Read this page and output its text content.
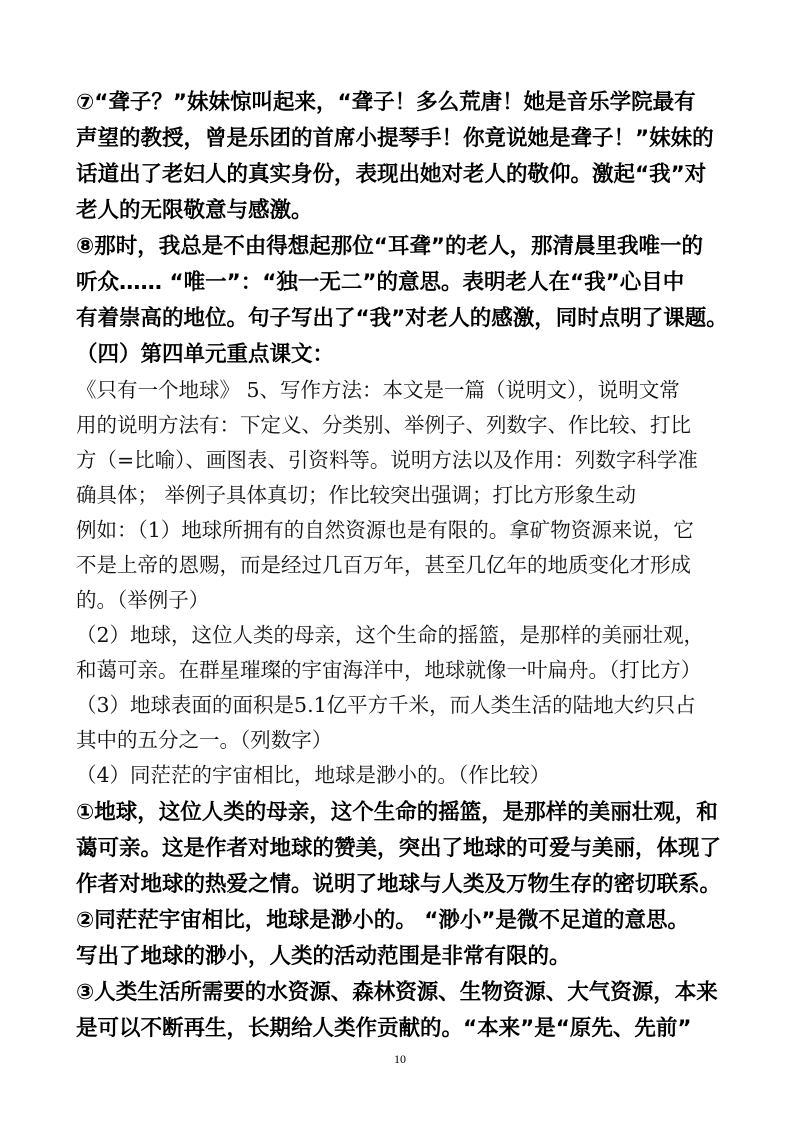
⑦“聋子？”妹妹惊叫起来，“聋子！多么荒唐！她是音乐学院最有
声望的教授，曾是乐团的首席小提琴手！你竟说她是聋子！”妹妹的
话道出了老妇人的真实身份，表现出她对老人的敬仰。激起“我”对
老人的无限敬意与感激。
⑧那时，我总是不由得想起那位“耳聋”的老人，那清晨里我唯一的
听众…… “唯一”：“独一无二”的意思。表明老人在“我”心目中
有着崇高的地位。句子写出了“我”对老人的感激，同时点明了课题。
（四）第四单元重点课文：
《只有一个地球》 5、写作方法：本文是一篇（说明文），说明文常
用的说明方法有：下定义、分类别、举例子、列数字、作比较、打比
方（=比喻）、画图表、引资料等。说明方法以及作用：列数字科学准
确具体； 举例子具体真切；作比较突出强调；打比方形象生动
例如：（1）地球所拥有的自然资源也是有限的。拿矿物资源来说，它
不是上帝的恩赐，而是经过几百万年，甚至几亿年的地质变化才形成
的。（举例子）
（2）地球，这位人类的母亲，这个生命的摇篮，是那样的美丽壮观，
和蔼可亲。在群星璀璨的宇宙海洋中，地球就像一叶扁舟。（打比方）
（3）地球表面的面积是5.1亿平方千米，而人类生活的陆地大约只占
其中的五分之一。（列数字）
（4）同茫茫的宇宙相比，地球是渺小的。（作比较）
①地球，这位人类的母亲，这个生命的摇篮，是那样的美丽壮观，和
蔼可亲。这是作者对地球的赞美，突出了地球的可爱与美丽，体现了
作者对地球的热爱之情。说明了地球与人类及万物生存的密切联系。
②同茫茫宇宙相比，地球是渺小的。 “渺小”是微不足道的意思。
写出了地球的渺小，人类的活动范围是非常有限的。
③人类生活所需要的水资源、森林资源、生物资源、大气资源，本来
是可以不断再生，长期给人类作贡献的。“本来”是“原先、先前”
10
